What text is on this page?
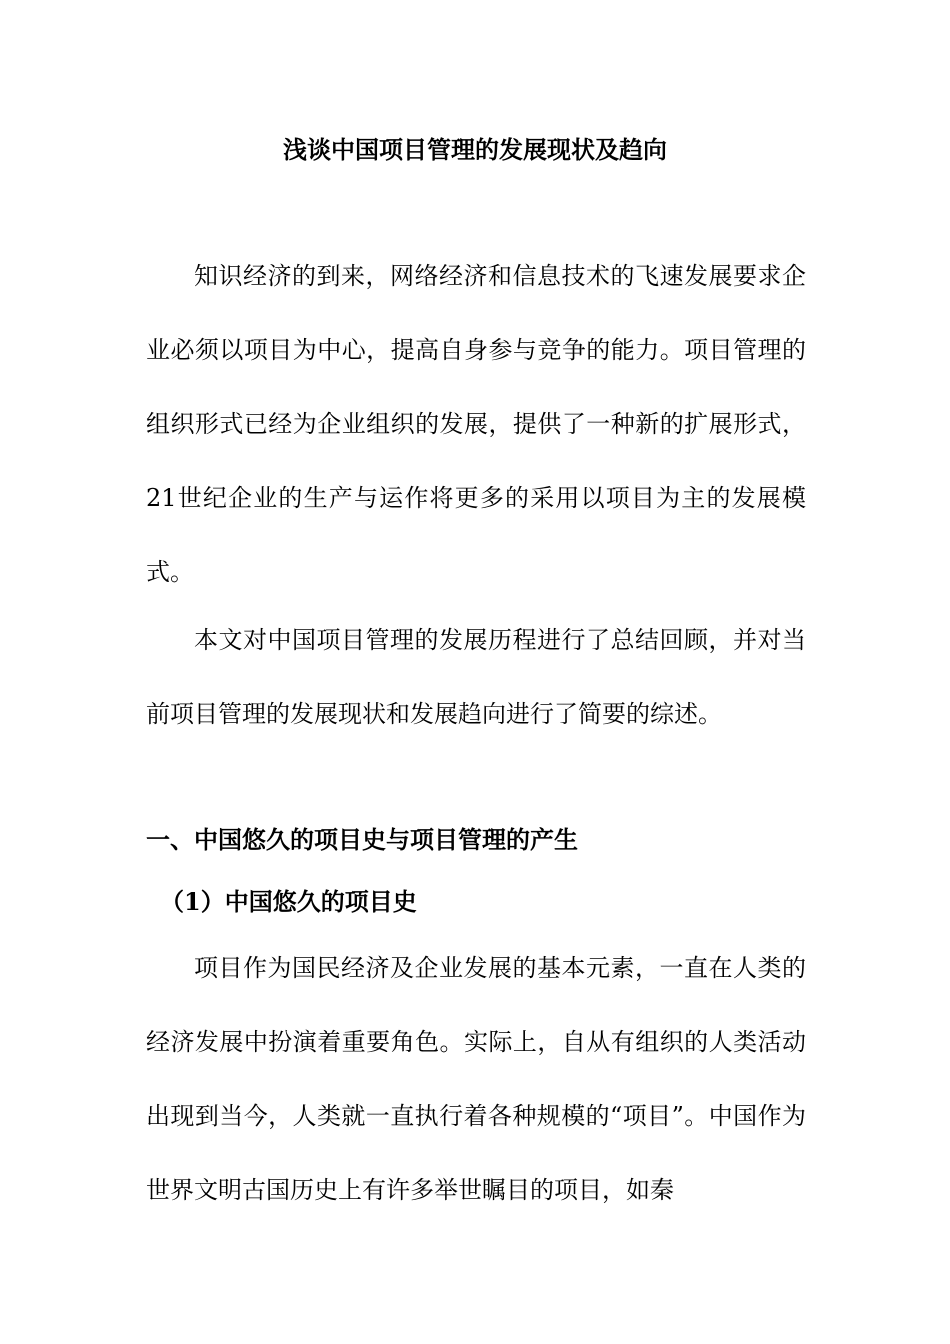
浅谈中国项目管理的发展现状及趋向

知识经济的到来，网络经济和信息技术的飞速发展要求企业必须以项目为中心，提高自身参与竞争的能力。项目管理的组织形式已经为企业组织的发展，提供了一种新的扩展形式，21世纪企业的生产与运作将更多的采用以项目为主的发展模式。

本文对中国项目管理的发展历程进行了总结回顾，并对当前项目管理的发展现状和发展趋向进行了简要的综述。

一、中国悠久的项目史与项目管理的产生
（1）中国悠久的项目史

项目作为国民经济及企业发展的基本元素，一直在人类的经济发展中扮演着重要角色。实际上，自从有组织的人类活动出现到当今，人类就一直执行着各种规模的“项目”。中国作为世界文明古国历史上有许多举世瞩目的项目，如秦
